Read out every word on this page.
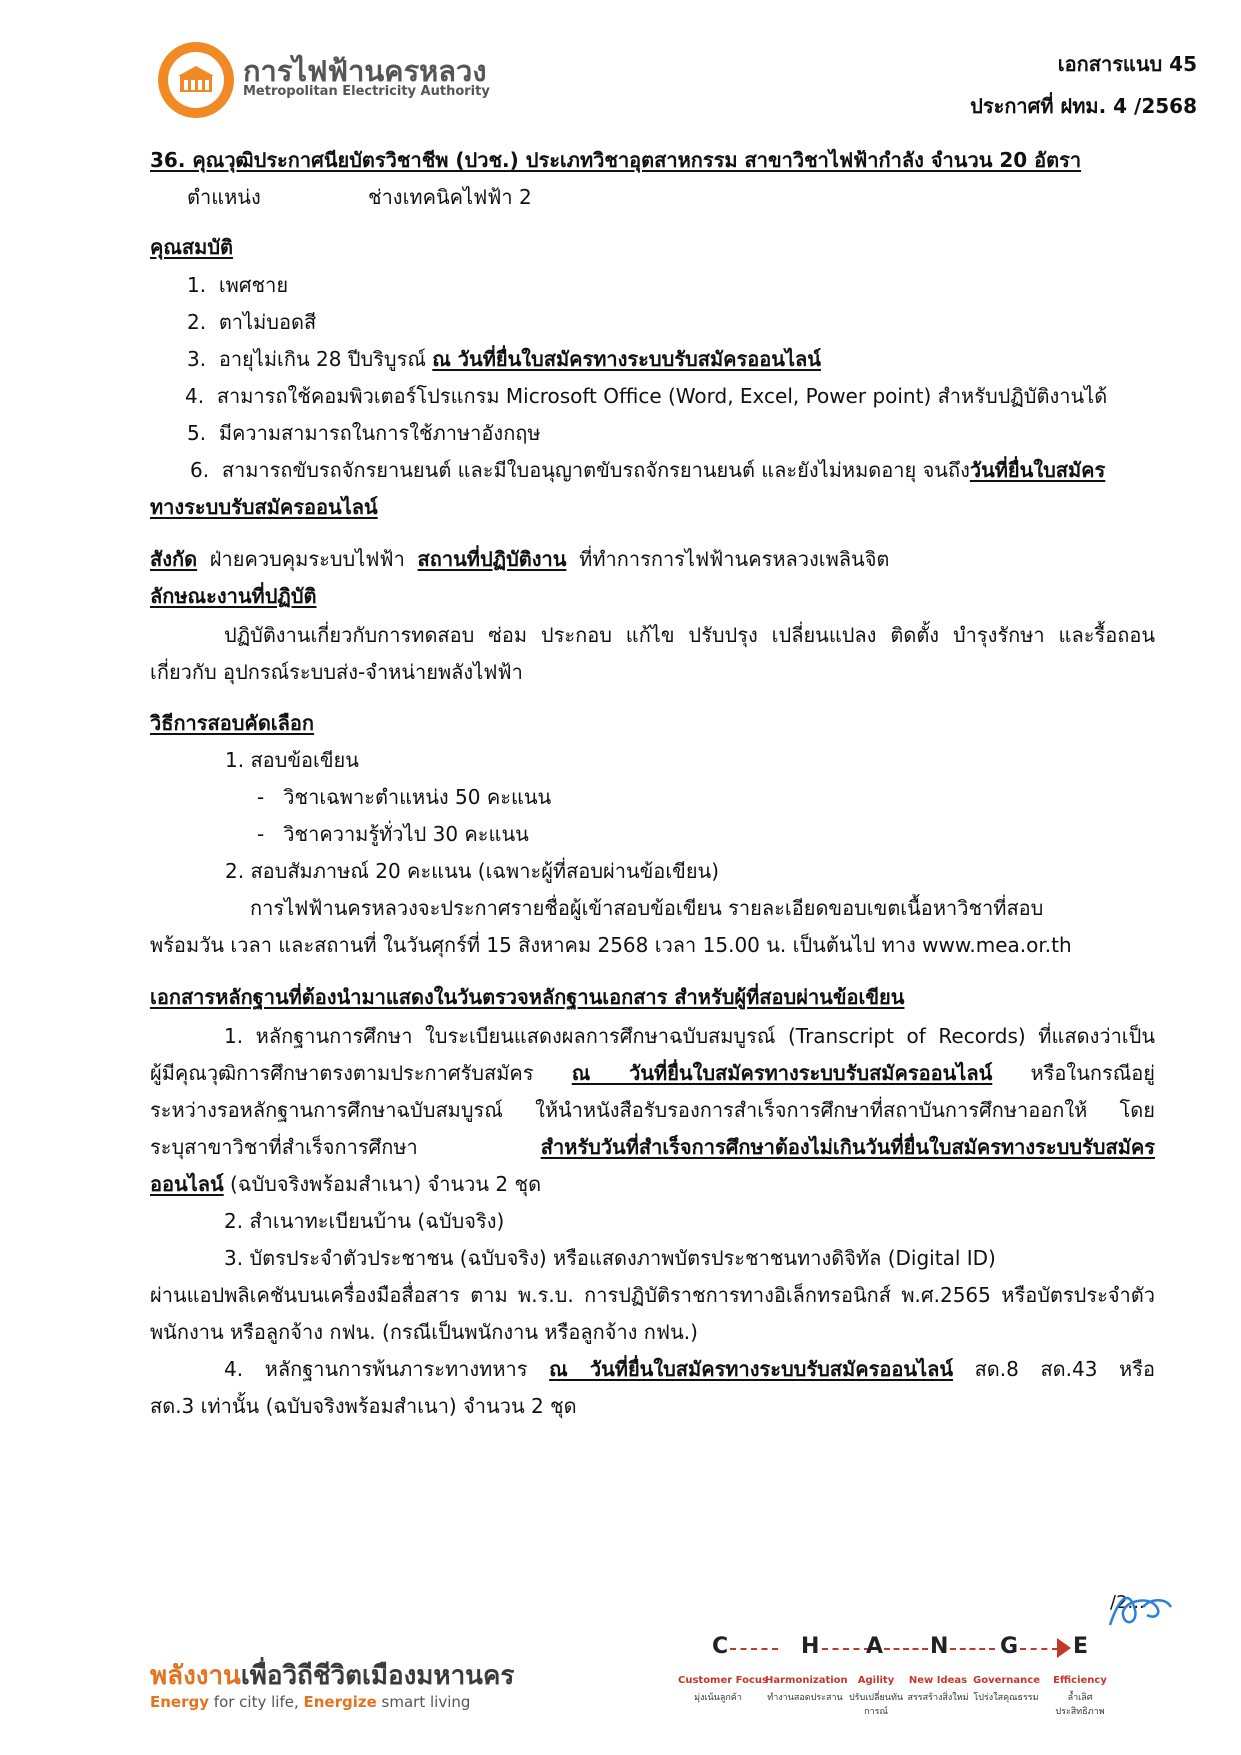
การไฟฟ้านครหลวง
Metropolitan Electricity Authority
เอกสารแนบ 45
ประกาศที่ ฝทม. 4 /2568
36. คุณวุฒิประกาศนียบัตรวิชาชีพ (ปวช.) ประเภทวิชาอุตสาหกรรม สาขาวิชาไฟฟ้ากำลัง จำนวน 20 อัตรา
ตำแหน่ง	ช่างเทคนิคไฟฟ้า 2
คุณสมบัติ
1. เพศชาย
2. ตาไม่บอดสี
3. อายุไม่เกิน 28 ปีบริบูรณ์ ณ วันที่ยื่นใบสมัครทางระบบรับสมัครออนไลน์
4. สามารถใช้คอมพิวเตอร์โปรแกรม Microsoft Office (Word, Excel, Power point) สำหรับปฏิบัติงานได้
5. มีความสามารถในการใช้ภาษาอังกฤษ
6. สามารถขับรถจักรยานยนต์ และมีใบอนุญาตขับรถจักรยานยนต์ และยังไม่หมดอายุ จนถึงวันที่ยื่นใบสมัคร
ทางระบบรับสมัครออนไลน์
สังกัด ฝ่ายควบคุมระบบไฟฟ้า สถานที่ปฏิบัติงาน ที่ทำการการไฟฟ้านครหลวงเพลินจิต
ลักษณะงานที่ปฏิบัติ
ปฏิบัติงานเกี่ยวกับการทดสอบ ซ่อม ประกอบ แก้ไข ปรับปรุง เปลี่ยนแปลง ติดตั้ง บำรุงรักษา และรื้อถอน
เกี่ยวกับ อุปกรณ์ระบบส่ง-จำหน่ายพลังไฟฟ้า
วิธีการสอบคัดเลือก
1. สอบข้อเขียน
-   วิชาเฉพาะตำแหน่ง 50 คะแนน
-   วิชาความรู้ทั่วไป 30 คะแนน
2. สอบสัมภาษณ์ 20 คะแนน (เฉพาะผู้ที่สอบผ่านข้อเขียน)
การไฟฟ้านครหลวงจะประกาศรายชื่อผู้เข้าสอบข้อเขียน รายละเอียดขอบเขตเนื้อหาวิชาที่สอบ
พร้อมวัน เวลา และสถานที่ ในวันศุกร์ที่ 15 สิงหาคม 2568 เวลา 15.00 น. เป็นต้นไป ทาง www.mea.or.th
เอกสารหลักฐานที่ต้องนำมาแสดงในวันตรวจหลักฐานเอกสาร สำหรับผู้ที่สอบผ่านข้อเขียน
1. หลักฐานการศึกษา ใบระเบียนแสดงผลการศึกษาฉบับสมบูรณ์ (Transcript of Records) ที่แสดงว่าเป็น
ผู้มีคุณวุฒิการศึกษาตรงตามประกาศรับสมัคร ณ วันที่ยื่นใบสมัครทางระบบรับสมัครออนไลน์ หรือในกรณีอยู่
ระหว่างรอหลักฐานการศึกษาฉบับสมบูรณ์ ให้นำหนังสือรับรองการสำเร็จการศึกษาที่สถาบันการศึกษาออกให้ โดย
ระบุสาขาวิชาที่สำเร็จการศึกษา สำหรับวันที่สำเร็จการศึกษาต้องไม่เกินวันที่ยื่นใบสมัครทางระบบรับสมัคร
ออนไลน์ (ฉบับจริงพร้อมสำเนา) จำนวน 2 ชุด
2. สำเนาทะเบียนบ้าน (ฉบับจริง)
3. บัตรประจำตัวประชาชน (ฉบับจริง) หรือแสดงภาพบัตรประชาชนทางดิจิทัล (Digital ID)
ผ่านแอปพลิเคชันบนเครื่องมือสื่อสาร ตาม พ.ร.บ. การปฏิบัติราชการทางอิเล็กทรอนิกส์ พ.ศ.2565 หรือบัตรประจำตัว
พนักงาน หรือลูกจ้าง กฟน. (กรณีเป็นพนักงาน หรือลูกจ้าง กฟน.)
4. หลักฐานการพ้นภาระทางทหาร ณ วันที่ยื่นใบสมัครทางระบบรับสมัครออนไลน์ สด.8 สด.43 หรือ
สด.3 เท่านั้น (ฉบับจริงพร้อมสำเนา) จำนวน 2 ชุด
/2...
พลังงานเพื่อวิถีชีวิตเมืองมหานคร
Energy for city life, Energize smart living
C	H A N G E
Customer Focus
Harmonization	Agility	New Ideas Governance	Efficiency
มุ่งเน้นลูกค้า	ทำงานสอดประสาน ปรับเปลี่ยนทันการณ์
สรรสร้างสิ่งใหม่ โปร่งใสคุณธรรม	ล้ำเลิศประสิทธิภาพ
